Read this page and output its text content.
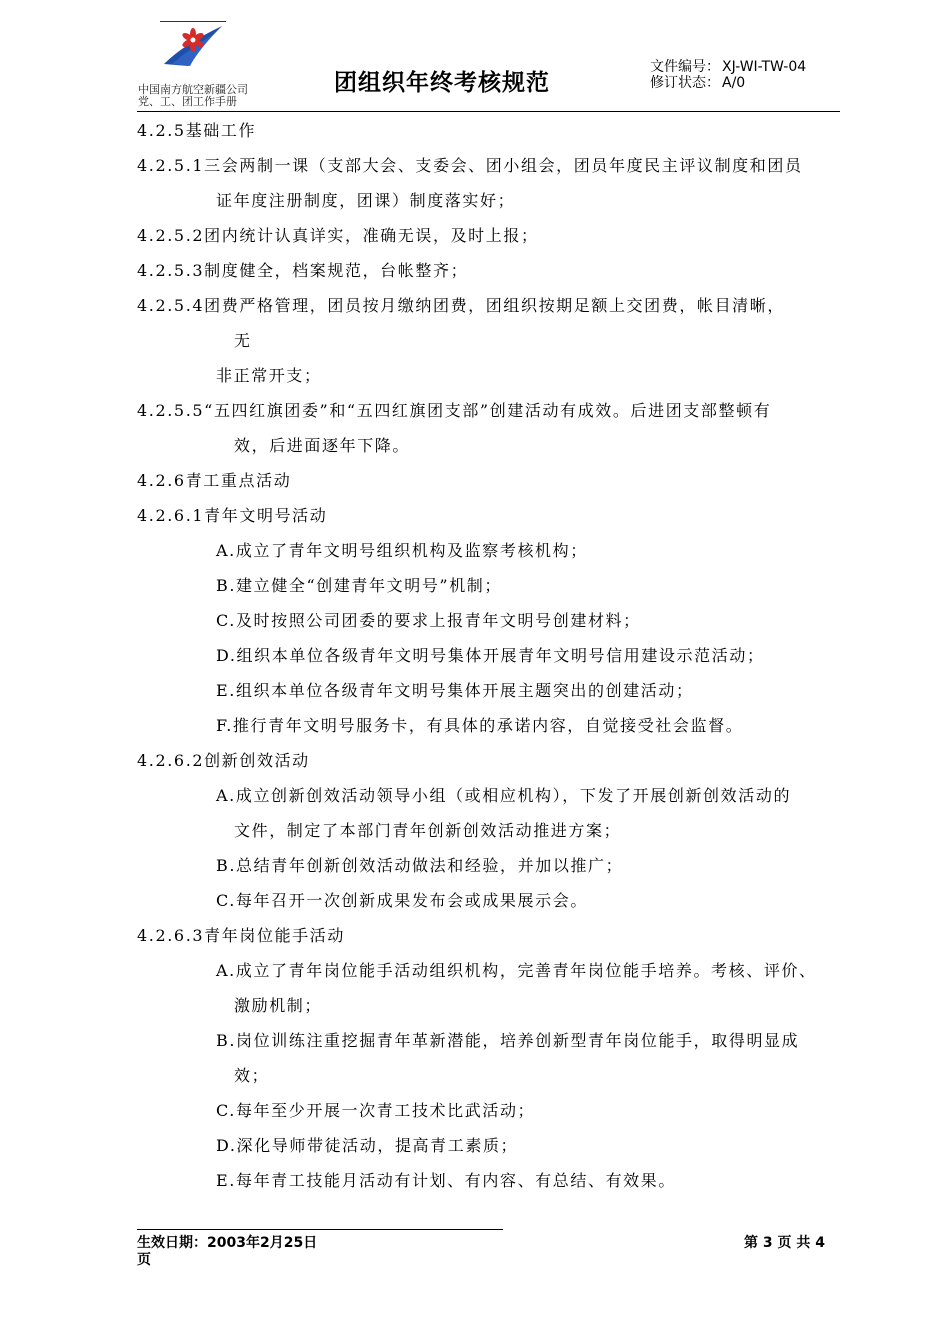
中国南方航空新疆公司
党、工、团工作手册
团组织年终考核规范
文件编号： XJ-WI-TW-04
修订状态： A/0
4.2.5基础工作
4.2.5.1三会两制一课（支部大会、支委会、团小组会，团员年度民主评议制度和团员
证年度注册制度，团课）制度落实好；
4.2.5.2团内统计认真详实，准确无误，及时上报；
4.2.5.3制度健全，档案规范，台帐整齐；
4.2.5.4团费严格管理，团员按月缴纳团费，团组织按期足额上交团费，帐目清晰，
无
非正常开支；
4.2.5.5“五四红旗团委”和“五四红旗团支部”创建活动有成效。后进团支部整顿有
效，后进面逐年下降。
4.2.6青工重点活动
4.2.6.1青年文明号活动
A.成立了青年文明号组织机构及监察考核机构；
B.建立健全“创建青年文明号”机制；
C.及时按照公司团委的要求上报青年文明号创建材料；
D.组织本单位各级青年文明号集体开展青年文明号信用建设示范活动；
E.组织本单位各级青年文明号集体开展主题突出的创建活动；
F.推行青年文明号服务卡，有具体的承诺内容，自觉接受社会监督。
4.2.6.2创新创效活动
A.成立创新创效活动领导小组（或相应机构），下发了开展创新创效活动的
文件，制定了本部门青年创新创效活动推进方案；
B.总结青年创新创效活动做法和经验，并加以推广；
C.每年召开一次创新成果发布会或成果展示会。
4.2.6.3青年岗位能手活动
A.成立了青年岗位能手活动组织机构，完善青年岗位能手培养。考核、评价、
激励机制；
B.岗位训练注重挖掘青年革新潜能，培养创新型青年岗位能手，取得明显成
效；
C.每年至少开展一次青工技术比武活动；
D.深化导师带徒活动，提高青工素质；
E.每年青工技能月活动有计划、有内容、有总结、有效果。
生效日期：2003年2月25日	第 3 页 共 4
页
